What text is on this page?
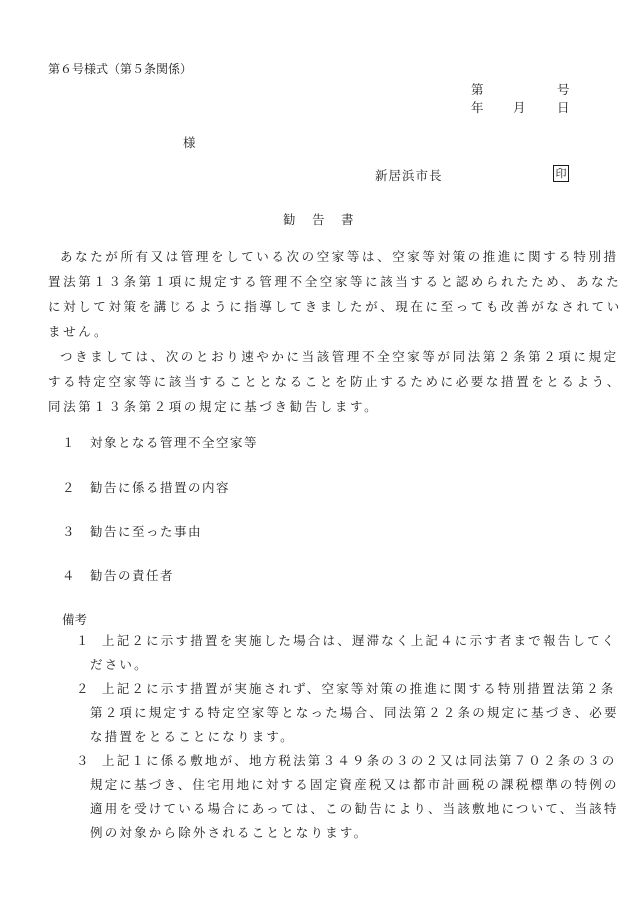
第６号様式（第５条関係）
第	号
年 月	日
様
新居浜市長	印
勧　告　書
あなたが所有又は管理をしている次の空家等は、空家等対策の推進に関する特別措
置法第１３条第１項に規定する管理不全空家等に該当すると認められたため、あなた
に対して対策を講じるように指導してきましたが、現在に至っても改善がなされてい
ません。
つきましては、次のとおり速やかに当該管理不全空家等が同法第２条第２項に規定
する特定空家等に該当することとなることを防止するために必要な措置をとるよう、
同法第１３条第２項の規定に基づき勧告します。
１ 対象となる管理不全空家等
２ 勧告に係る措置の内容
３ 勧告に至った事由
４ 勧告の責任者
備考
１ 上記２に示す措置を実施した場合は、遅滞なく上記４に示す者まで報告してく
ださい。
２ 上記２に示す措置が実施されず、空家等対策の推進に関する特別措置法第２条
第２項に規定する特定空家等となった場合、同法第２２条の規定に基づき、必要
な措置をとることになります。
３ 上記１に係る敷地が、地方税法第３４９条の３の２又は同法第７０２条の３の
規定に基づき、住宅用地に対する固定資産税又は都市計画税の課税標準の特例の
適用を受けている場合にあっては、この勧告により、当該敷地について、当該特
例の対象から除外されることとなります。
